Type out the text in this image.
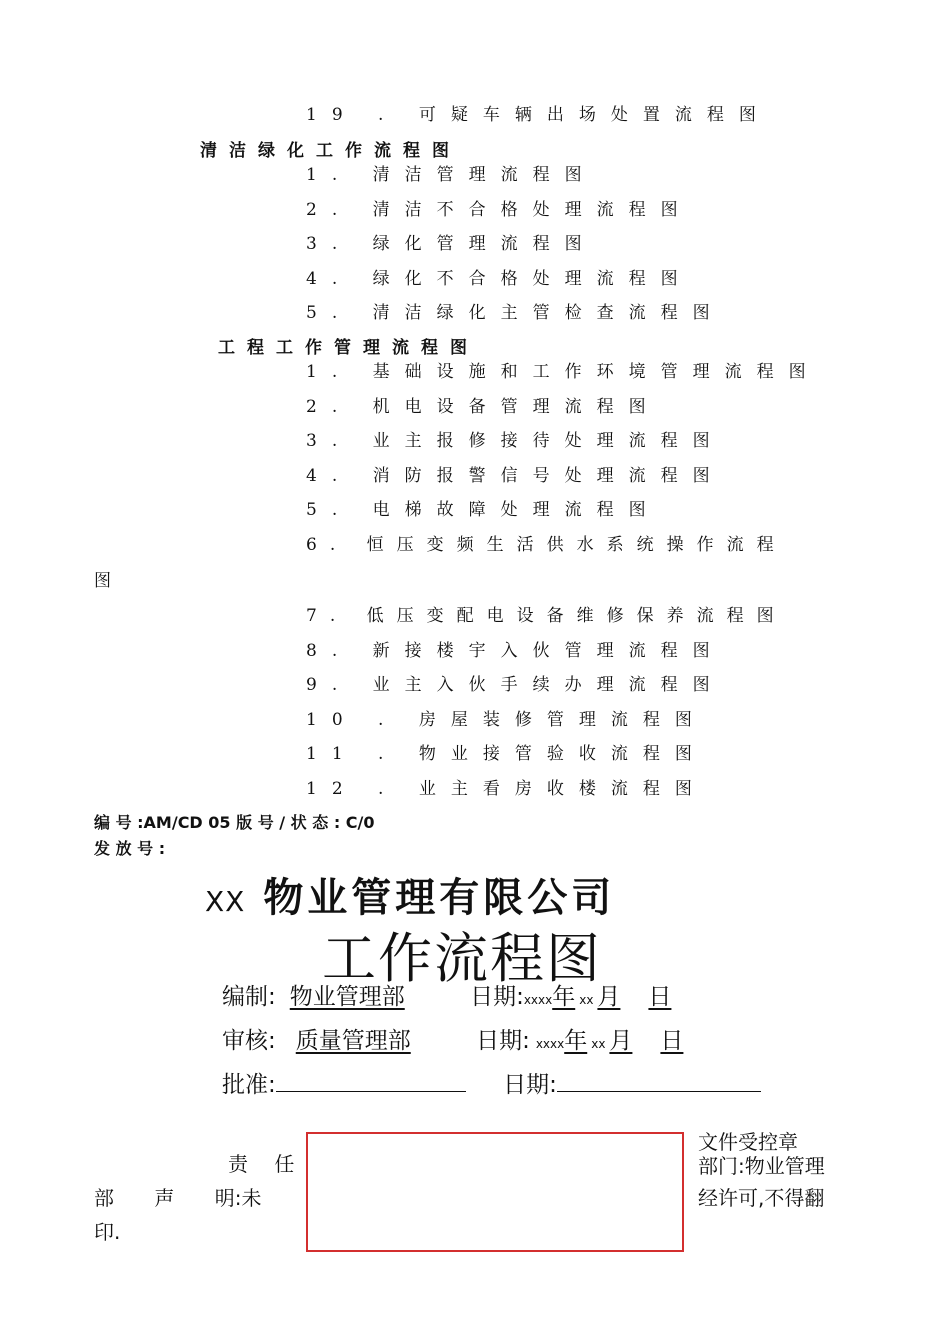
19 . 可疑车辆出场处置流程图
清洁绿化工作流程图
1. 清洁管理流程图
2. 清洁不合格处理流程图
3. 绿化管理流程图
4. 绿化不合格处理流程图
5. 清洁绿化主管检查流程图
工程工作管理流程图
1. 基础设施和工作环境管理流程图
2. 机电设备管理流程图
3. 业主报修接待处理流程图
4. 消防报警信号处理流程图
5. 电梯故障处理流程图
6. 恒压变频生活供水系统操作流程
图
7. 低压变配电设备维修保养流程图
8. 新接楼宇入伙管理流程图
9. 业主入伙手续办理流程图
10 . 房屋装修管理流程图
11 . 物业接管验收流程图
12 . 业主看房收楼流程图
编 号 :AM/CD 05 版 号 / 状 态 : C/0
发 放 号 :
XX 物业管理有限公司
工作流程图
编制: 物业管理部	日期:xxxx年 xx 月 日
审核: 质量管理部	日期: xxxx年 xx 月 日
批准:	日期:
责 任
部 声 明:未
印.
文件受控章
部门:物业管理
经许可,不得翻
